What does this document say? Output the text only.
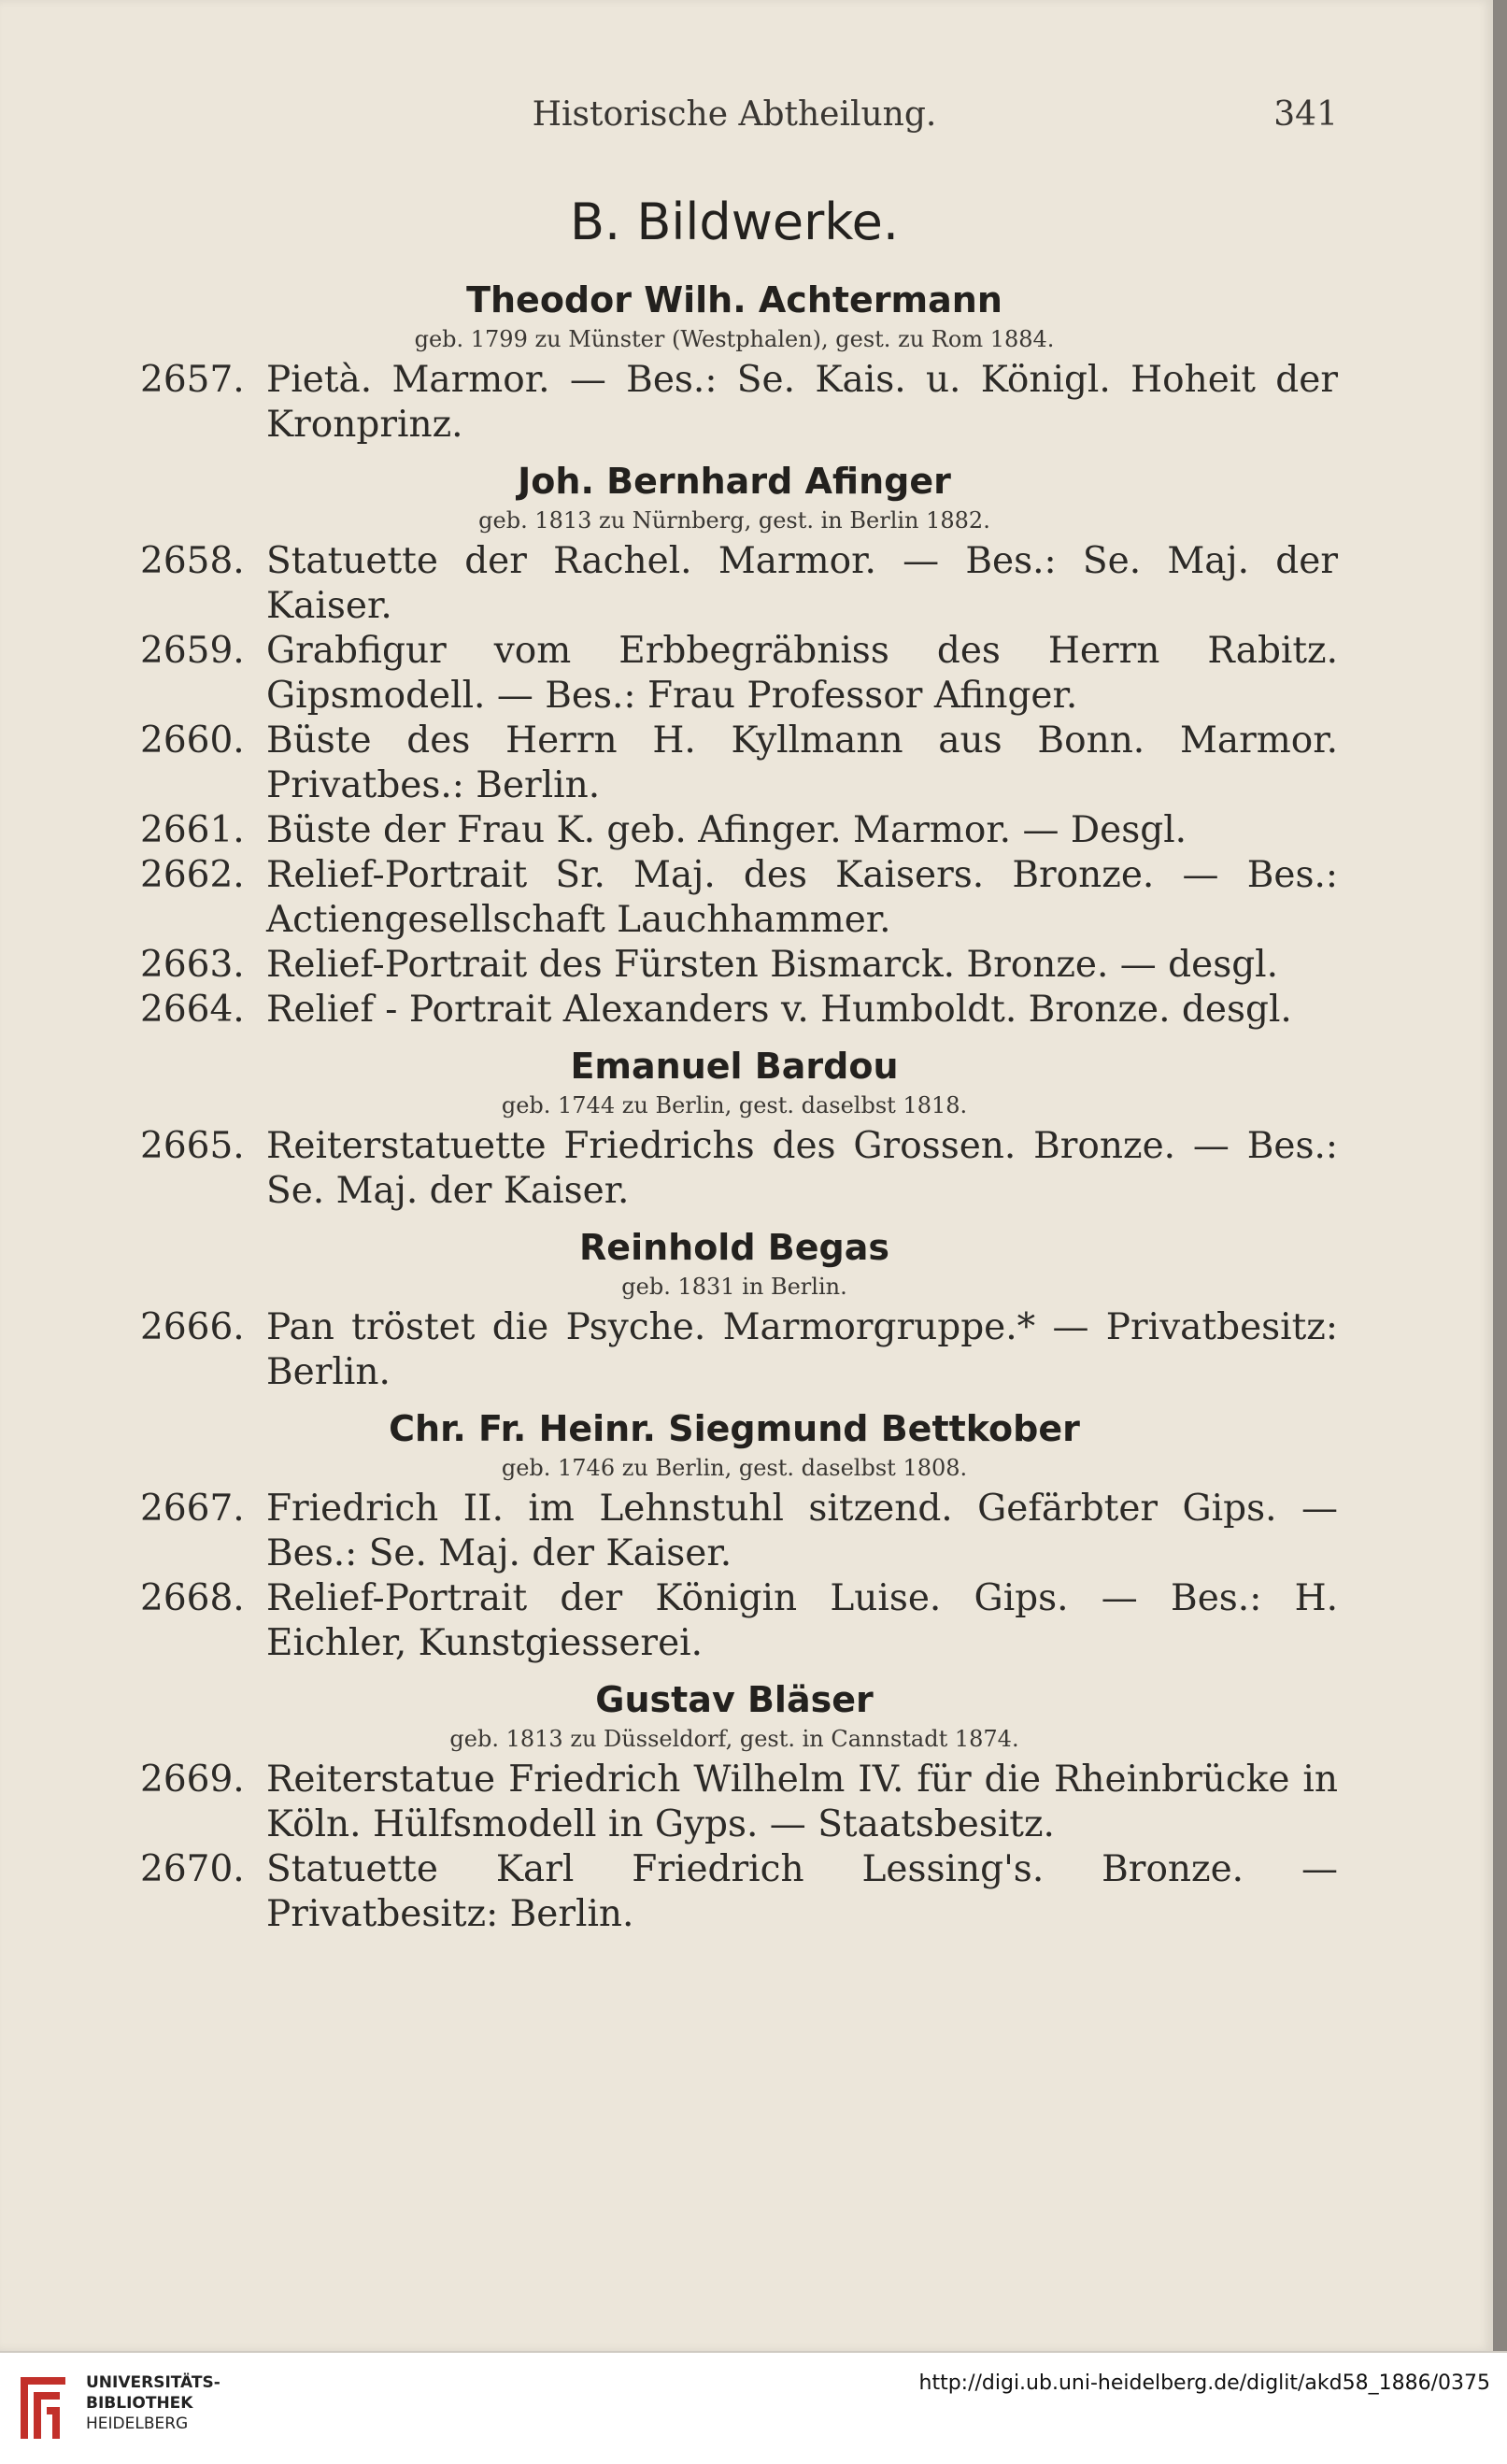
Historische Abtheilung.	341
B. Bildwerke.
Theodor Wilh. Achtermann
geb. 1799 zu Münster (Westphalen), gest. zu Rom 1884.
2657. Pietà. Marmor. — Bes.: Se. Kais. u. Königl. Hoheit der Kronprinz.
Joh. Bernhard Afinger
geb. 1813 zu Nürnberg, gest. in Berlin 1882.
2658. Statuette der Rachel. Marmor. — Bes.: Se. Maj. der Kaiser.
2659. Grabfigur vom Erbbegräbniss des Herrn Rabitz. Gipsmodell. — Bes.: Frau Professor Afinger.
2660. Büste des Herrn H. Kyllmann aus Bonn. Marmor. Privatbes.: Berlin.
2661. Büste der Frau K. geb. Afinger. Marmor. — Desgl.
2662. Relief-Portrait Sr. Maj. des Kaisers. Bronze. — Bes.: Actiengesellschaft Lauchhammer.
2663. Relief-Portrait des Fürsten Bismarck. Bronze. — desgl.
2664. Relief - Portrait Alexanders v. Humboldt. Bronze. desgl.
Emanuel Bardou
geb. 1744 zu Berlin, gest. daselbst 1818.
2665. Reiterstatuette Friedrichs des Grossen. Bronze. — Bes.: Se. Maj. der Kaiser.
Reinhold Begas
geb. 1831 in Berlin.
2666. Pan tröstet die Psyche. Marmorgruppe.* — Privatbesitz: Berlin.
Chr. Fr. Heinr. Siegmund Bettkober
geb. 1746 zu Berlin, gest. daselbst 1808.
2667. Friedrich II. im Lehnstuhl sitzend. Gefärbter Gips. — Bes.: Se. Maj. der Kaiser.
2668. Relief-Portrait der Königin Luise. Gips. — Bes.: H. Eichler, Kunstgiesserei.
Gustav Bläser
geb. 1813 zu Düsseldorf, gest. in Cannstadt 1874.
2669. Reiterstatue Friedrich Wilhelm IV. für die Rheinbrücke in Köln. Hülfsmodell in Gyps. — Staatsbesitz.
2670. Statuette Karl Friedrich Lessing's. Bronze. — Privatbesitz: Berlin.
UNIVERSITÄTS-
BIBLIOTHEK
HEIDELBERG
http://digi.ub.uni-heidelberg.de/diglit/akd58_1886/0375
